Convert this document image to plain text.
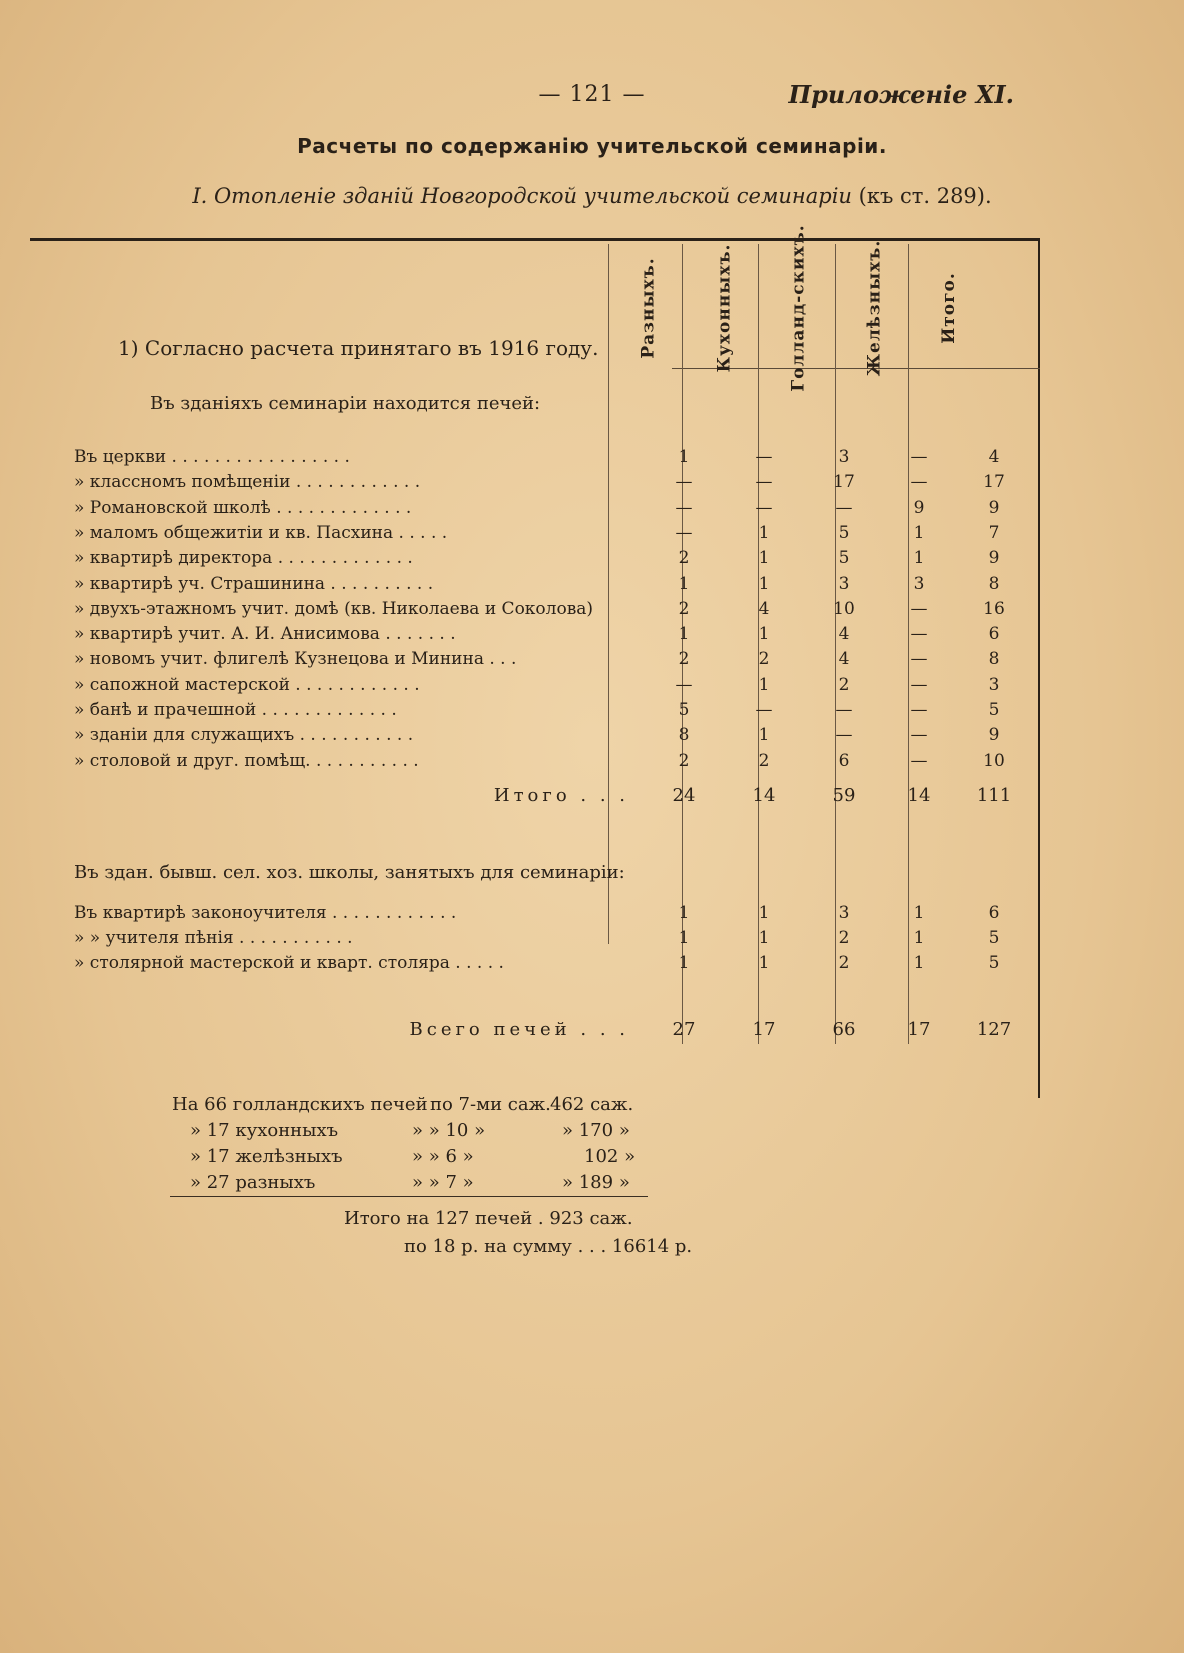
— 121 —	Приложеніе XI.
Расчеты по содержанію учительской семинаріи.
I. Отопленіе зданій Новгородской учительской семинаріи (къ ст. 289).
Разныхъ.	Кухонныхъ.	Голланд-скихъ.	Желѣзныхъ.	Итого.
1) Согласно расчета принятаго въ 1916 году.
Въ зданіяхъ семинаріи находится печей:
Въ церкви . . . . . . . . . . . . . . . . .	1	—	3	—	4
» классномъ помѣщеніи . . . . . . . . . . . .	—	—	17	—	17
» Романовской школѣ . . . . . . . . . . . . .	—	—	—	9	9
» маломъ общежитіи и кв. Пасхина . . . . .	—	1	5	1	7
» квартирѣ директора . . . . . . . . . . . . .	2	1	5	1	9
» квартирѣ уч. Страшинина . . . . . . . . . .	1	1	3	3	8
» двухъ-этажномъ учит. домѣ (кв. Николаева и Соколова)	2	4	10	—	16
» квартирѣ учит. А. И. Анисимова . . . . . . .	1	1	4	—	6
» новомъ учит. флигелѣ Кузнецова и Минина . . .	2	2	4	—	8
» сапожной мастерской . . . . . . . . . . . .	—	1	2	—	3
» банѣ и прачешной . . . . . . . . . . . . .	5	—	—	—	5
» зданіи для служащихъ . . . . . . . . . . .	8	1	—	—	9
» столовой и друг. помѣщ. . . . . . . . . . .	2	2	6	—	10
Итого . . .	24	14	59	14	111
Въ здан. бывш. сел. хоз. школы, занятыхъ для семинаріи:
Въ квартирѣ законоучителя . . . . . . . . . . . .	1	1	3	1	6
» » учителя пѣнія . . . . . . . . . . .	1	1	2	1	5
» столярной мастерской и кварт. столяра . . . . .	1	1	2	1	5
Всего печей . . .	27	17	66	17	127
На 66 голландскихъ печей по 7-ми саж. 462 саж.
» 17 кухонныхъ	» » 10 »	» 170 »
» 17 желѣзныхъ	» » 6 »	102 »
» 27 разныхъ	» » 7 »	» 189 »
Итого на 127 печей . 923 саж.
по 18 р. на сумму . . . 16614 р.
